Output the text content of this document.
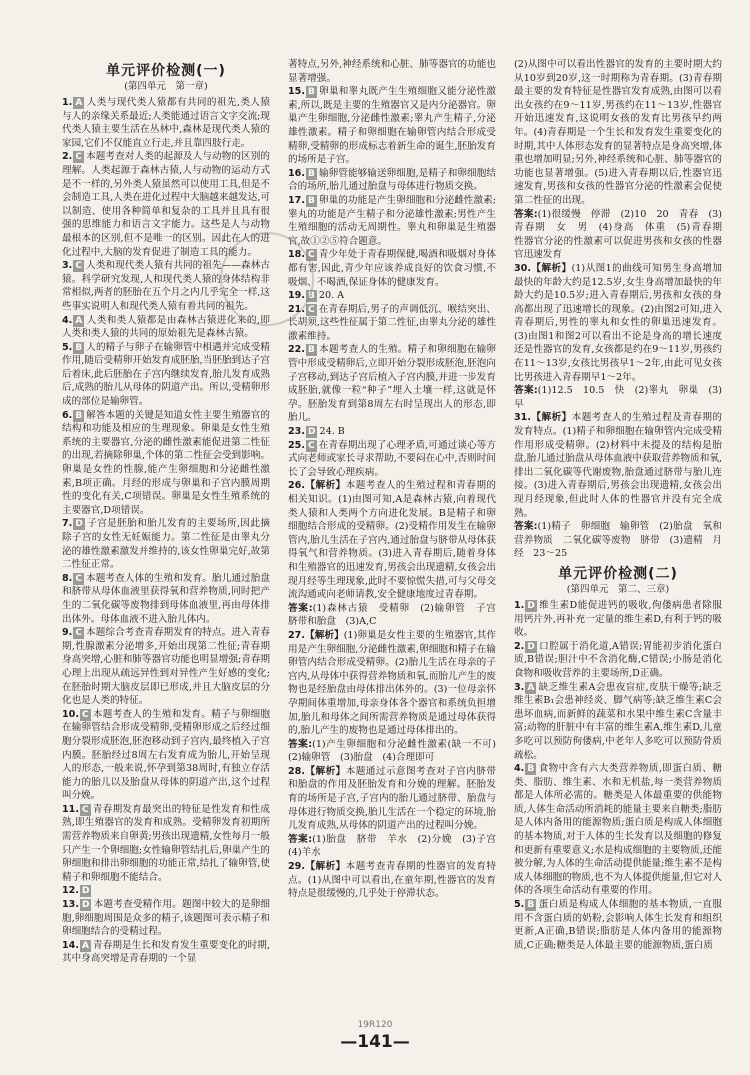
单元评价检测(一)
(第四单元　第一章)

1. A 人类与现代类人猿都有共同的祖先,类人猿与人的亲缘关系最近;人类能通过语言文字交流;现代类人猿主要生活在丛林中,森林是现代类人猿的家园,它们不仅能直立行走,并且靠四肢行走。

2. C 本题考查对人类的起源及人与动物的区别的理解。人类起源于森林古猿,人与动物的运动方式是不一样的,另外类人猿虽然可以使用工具,但是不会制造工具,人类在进化过程中大脑越来越发达,可以制造、使用各种简单和复杂的工具并且具有很强的思维能力和语言文字能力。这些是人与动物最根本的区别,但不是唯一的区别。因此在人的进化过程中,大脑的发育促进了制造工具的能力。

3. C 人类和现代类人猿有共同的祖先——森林古猿。科学研究发现,人和现代类人猿的身体结构非常相似,两者的胚胎在五个月之内几乎完全一样,这些事实说明人和现代类人猿有着共同的祖先。

4. A 人类和类人猿都是由森林古猿进化来的,即人类和类人猿的共同的原始祖先是森林古猿。

5. B 人的精子与卵子在输卵管中相遇并完成受精作用,随后受精卵开始发育成胚胎,当胚胎到达子宫后着床,此后胚胎在子宫内继续发育,胎儿发育成熟后,成熟的胎儿从母体的阴道产出。所以,受精卵形成的部位是输卵管。

6. B 解答本题的关键是知道女性主要生殖器官的结构和功能及相应的生理现象。卵巢是女性生殖系统的主要器官,分泌的雌性激素能促进第二性征的出现,若摘除卵巢,个体的第二性征会受到影响。卵巢是女性的性腺,能产生卵细胞和分泌雌性激素,B项正确。月经的形成与卵巢和子宫内膜周期性的变化有关,C项错误。卵巢是女性生殖系统的主要器官,D项错误。

7. D 子宫是胚胎和胎儿发育的主要场所,因此摘除子宫的女性无妊娠能力。第二性征是由睾丸分泌的雄性激素激发并维持的,该女性卵巢完好,故第二性征正常。

8. C 本题考查人体的生殖和发育。胎儿通过胎盘和脐带从母体血液里获得氧和营养物质,同时把产生的二氧化碳等废物排到母体血液里,再由母体排出体外。母体血液不进入胎儿体内。

9. C 本题综合考查青春期发育的特点。进入青春期,性腺激素分泌增多,开始出现第二性征;青春期身高突增,心脏和肺等器官功能也明显增强;青春期心理上出现从疏远异性到对异性产生好感的变化;在胚胎时期大脑皮层即已形成,并且大脑皮层的分化也是人类的特征。

10. C 本题考查人的生殖和发育。精子与卵细胞在输卵管结合形成受精卵,受精卵形成之后经过细胞分裂形成胚泡,胚泡移动到子宫内,最终植入子宫内膜。胚胎经过8周左右发育成为胎儿,开始呈现人的形态,一般来说,怀孕到第38周时,有独立存活能力的胎儿以及胎盘从母体的阴道产出,这个过程叫分娩。

11. C 青春期发育最突出的特征是性发育和性成熟,即生殖器官的发育和成熟。受精卵发育初期所需营养物质来自卵黄;男孩出现遗精,女性每月一般只产生一个卵细胞;女性输卵管结扎后,卵巢产生的卵细胞和排出卵细胞的功能正常,结扎了输卵管,使精子和卵细胞不能结合。

12. D

13. D 本题考查受精作用。题图中较大的是卵细胞,卵细胞周围是众多的精子,该题图可表示精子和卵细胞结合的受精过程。

14. A 青春期是生长和发育发生重要变化的时期,其中身高突增是青春期的一个显

著特点,另外,神经系统和心脏、肺等器官的功能也显著增强。

15. B 卵巢和睾丸既产生生殖细胞又能分泌性激素,所以,既是主要的生殖器官又是内分泌器官。卵巢产生卵细胞,分泌雌性激素;睾丸产生精子,分泌雄性激素。精子和卵细胞在输卵管内结合形成受精卵,受精卵的形成标志着新生命的诞生,胚胎发育的场所是子宫。

16. B 输卵管能够输送卵细胞,是精子和卵细胞结合的场所,胎儿通过胎盘与母体进行物质交换。

17. B 卵巢的功能是产生卵细胞和分泌雌性激素;睾丸的功能是产生精子和分泌雄性激素;男性产生生殖细胞的活动无周期性。睾丸和卵巢是生殖器官,故①②⑤符合题意。

18. C 青少年处于青春期保健,喝酒和吸烟对身体都有害,因此,青少年应该养成良好的饮食习惯,不吸烟、不喝酒,保证身体的健康发育。

19. B 20. A

21. C 在青春期后,男子的声调低沉、喉结突出、长胡须,这些性征属于第二性征,由睾丸分泌的雄性激素维持。

22. B 本题考查人的生殖。精子和卵细胞在输卵管中形成受精卵后,立即开始分裂形成胚泡,胚泡向子宫移动,到达子宫后植入子宫内膜,并进一步发育成胚胎,就像一粒“种子”埋入土壤一样,这就是怀孕。胚胎发育到第8周左右时呈现出人的形态,即胎儿。

23. D 24. B

25. C 在青春期出现了心理矛盾,可通过谈心等方式向老师或家长寻求帮助,不要闷在心中,否则时间长了会导致心理疾病。

26.【解析】本题考查人的生殖过程和青春期的相关知识。(1)由图可知,A是森林古猿,向着现代类人猿和人类两个方向进化发展。B是精子和卵细胞结合形成的受精卵。(2)受精作用发生在输卵管内,胎儿生活在子宫内,通过胎盘与脐带从母体获得氧气和营养物质。(3)进入青春期后,随着身体和生殖器官的迅速发育,男孩会出现遗精,女孩会出现月经等生理现象,此时不要惊慌失措,可与父母交流沟通或向老师请教,安全健康地度过青春期。

答案:(1)森林古猿　受精卵　(2)输卵管　子宫　脐带和胎盘　(3)A,C

27.【解析】(1)卵巢是女性主要的生殖器官,其作用是产生卵细胞,分泌雌性激素,卵细胞和精子在输卵管内结合形成受精卵。(2)胎儿生活在母亲的子宫内,从母体中获得营养物质和氧,而胎儿产生的废物也是经胎盘由母体排出体外的。(3)一位母亲怀孕期间体重增加,母亲身体各个器官和系统负担增加,胎儿和母体之间所需营养物质是通过母体获得的,胎儿产生的废物也是通过母体排出的。

答案:(1)产生卵细胞和分泌雌性激素(缺一不可)　(2)输卵管　(3)胎盘　(4)合理即可

28.【解析】本题通过示意图考查对子宫内脐带和胎盘的作用及胚胎发育和分娩的理解。胚胎发育的场所是子宫,子宫内的胎儿通过脐带、胎盘与母体进行物质交换,胎儿生活在一个稳定的环境,胎儿发育成熟,从母体的阴道产出的过程叫分娩。

答案:(1)胎盘　脐带　羊水　(2)分娩　(3)子宫　(4)羊水

29.【解析】本题考查青春期的性器官的发育特点。(1)从图中可以看出,在童年期,性器官的发育特点是很缓慢的,几乎处于停滞状态。

(2)从图中可以看出性器官的发育的主要时期大约从10岁到20岁,这一时期称为青春期。(3)青春期最主要的发育特征是性器官发育成熟,由图可以看出女孩约在9～11岁,男孩约在11～13岁,性器官开始迅速发育,这说明女孩的发育比男孩早约两年。(4)青春期是一个生长和发育发生重要变化的时期,其中人体形态发育的显著特点是身高突增,体重也增加明显;另外,神经系统和心脏、肺等器官的功能也显著增强。(5)进入青春期以后,性器官迅速发育,男孩和女孩的性器官分泌的性激素会促使第二性征的出现。

答案:(1)很缓慢　停滞　(2)10　20　青春　(3)青春期　女　男　(4)身高　体重　(5)青春期　性器官分泌的性激素可以促进男孩和女孩的性器官迅速发育

30.【解析】(1)从图1的曲线可知男生身高增加最快的年龄大约是12.5岁,女生身高增加最快的年龄大约是10.5岁;进入青春期后,男孩和女孩的身高都出现了迅速增长的现象。(2)由图2可知,进入青春期后,男性的睾丸和女性的卵巢迅速发育。(3)由图1和图2可以看出不论是身高的增长速度还是性器官的发育,女孩都是约在9～11岁,男孩约在11～13岁,女孩比男孩早1～2年,由此可见女孩比男孩进入青春期早1～2年。

答案:(1)12.5　10.5　快　(2)睾丸　卵巢　(3)早

31.【解析】本题考查人的生殖过程及青春期的发育特点。(1)精子和卵细胞在输卵管内完成受精作用形成受精卵。(2)材料中未提及的结构是胎盘,胎儿通过胎盘从母体血液中获取营养物质和氧,排出二氧化碳等代谢废物,胎盘通过脐带与胎儿连接。(3)进入青春期后,男孩会出现遗精,女孩会出现月经现象,但此时人体的性器官并没有完全成熟。

答案:(1)精子　卵细胞　输卵管　(2)胎盘　氧和营养物质　二氧化碳等废物　脐带　(3)遗精　月经　23～25

单元评价检测(二)
(第四单元　第二、三章)

1. D 维生素D能促进钙的吸收,佝偻病患者除服用钙片外,再补充一定量的维生素D,有利于钙的吸收。

2. D 口腔属于消化道,A错误;胃能初步消化蛋白质,B错误;胆汁中不含消化酶,C错误;小肠是消化食物和吸收营养的主要场所,D正确。

3. A 缺乏维生素A会患夜盲症,皮肤干燥等;缺乏维生素B₁会患神经炎、脚气病等;缺乏维生素C会患坏血病,而新鲜的蔬菜和水果中维生素C含量丰富;动物的肝脏中有丰富的维生素A,维生素D,儿童多吃可以预防佝偻病,中老年人多吃可以预防骨质疏松。

4. B 食物中含有六大类营养物质,即蛋白质、糖类、脂肪、维生素、水和无机盐,每一类营养物质都是人体所必需的。糖类是人体最重要的供能物质,人体生命活动所消耗的能量主要来自糖类;脂肪是人体内备用的能源物质;蛋白质是构成人体细胞的基本物质,对于人体的生长发育以及细胞的修复和更新有重要意义;水是构成细胞的主要物质,还能被分解,为人体的生命活动提供能量;维生素不是构成人体细胞的物质,也不为人体提供能量,但它对人体的各项生命活动有重要的作用。

5. B 蛋白质是构成人体细胞的基本物质,一直服用不含蛋白质的奶粉,会影响人体生长发育和组织更新,A正确,B错误;脂肪是人体内备用的能源物质,C正确;糖类是人体最主要的能源物质,蛋白质

19R120
—141—
